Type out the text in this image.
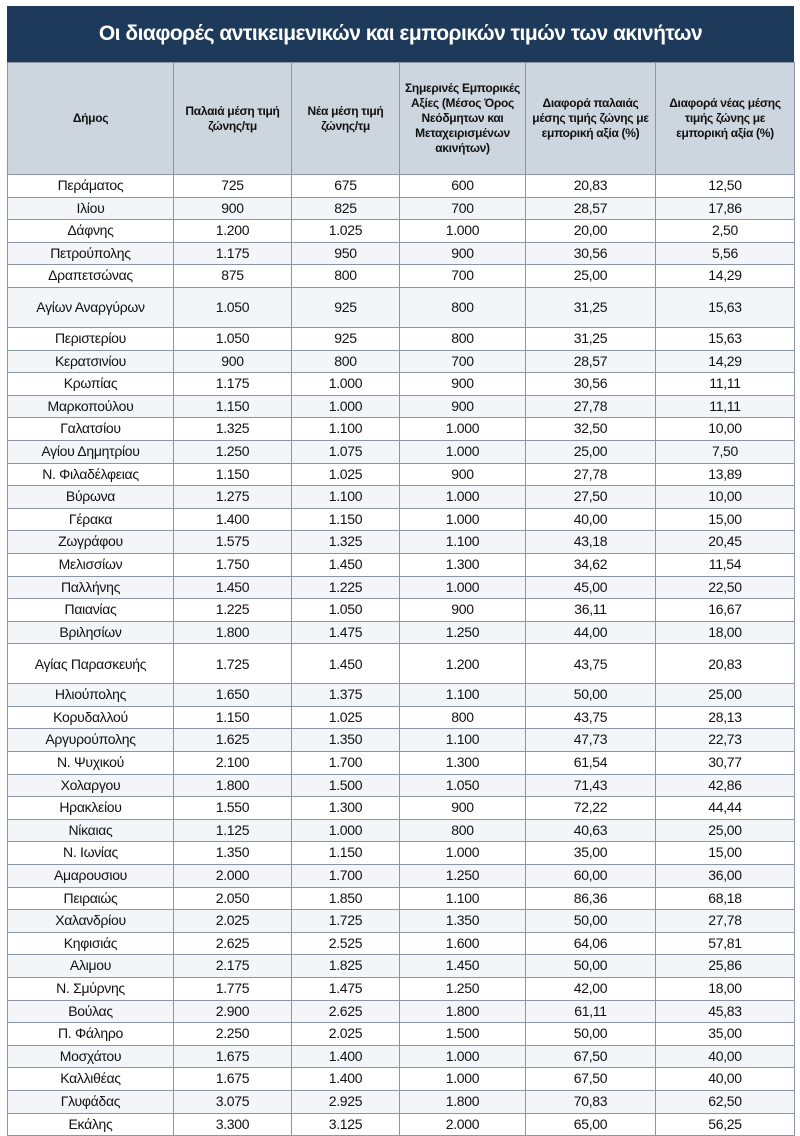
Οι διαφορές αντικειμενικών και εμπορικών τιμών των ακινήτων
Δήμος	Παλαιά μέση τιμή ζώνης/τμ	Νέα μέση τιμή ζώνης/τμ	Σημερινές Εμπορικές Αξίες (Μέσος Όρος Νεόδμητων και Μεταχειρισμένων ακινήτων)	Διαφορά παλαιάς μέσης τιμής ζώνης με εμπορική αξία (%)	Διαφορά νέας μέσης τιμής ζώνης με εμπορική αξία (%)
Περάματος	725	675	600	20,83	12,50
Ιλίου	900	825	700	28,57	17,86
Δάφνης	1.200	1.025	1.000	20,00	2,50
Πετρούπολης	1.175	950	900	30,56	5,56
Δραπετσώνας	875	800	700	25,00	14,29
Αγίων Αναργύρων	1.050	925	800	31,25	15,63
Περιστερίου	1.050	925	800	31,25	15,63
Κερατσινίου	900	800	700	28,57	14,29
Κρωπίας	1.175	1.000	900	30,56	11,11
Μαρκοπούλου	1.150	1.000	900	27,78	11,11
Γαλατσίου	1.325	1.100	1.000	32,50	10,00
Αγίου Δημητρίου	1.250	1.075	1.000	25,00	7,50
Ν. Φιλαδέλφειας	1.150	1.025	900	27,78	13,89
Βύρωνα	1.275	1.100	1.000	27,50	10,00
Γέρακα	1.400	1.150	1.000	40,00	15,00
Ζωγράφου	1.575	1.325	1.100	43,18	20,45
Μελισσίων	1.750	1.450	1.300	34,62	11,54
Παλλήνης	1.450	1.225	1.000	45,00	22,50
Παιανίας	1.225	1.050	900	36,11	16,67
Βριλησίων	1.800	1.475	1.250	44,00	18,00
Αγίας Παρασκευής	1.725	1.450	1.200	43,75	20,83
Ηλιούπολης	1.650	1.375	1.100	50,00	25,00
Κορυδαλλού	1.150	1.025	800	43,75	28,13
Αργυρούπολης	1.625	1.350	1.100	47,73	22,73
Ν. Ψυχικού	2.100	1.700	1.300	61,54	30,77
Χολαργου	1.800	1.500	1.050	71,43	42,86
Ηρακλείου	1.550	1.300	900	72,22	44,44
Νίκαιας	1.125	1.000	800	40,63	25,00
Ν. Ιωνίας	1.350	1.150	1.000	35,00	15,00
Αμαρουσιου	2.000	1.700	1.250	60,00	36,00
Πειραιώς	2.050	1.850	1.100	86,36	68,18
Χαλανδρίου	2.025	1.725	1.350	50,00	27,78
Κηφισιάς	2.625	2.525	1.600	64,06	57,81
Αλιμου	2.175	1.825	1.450	50,00	25,86
Ν. Σμύρνης	1.775	1.475	1.250	42,00	18,00
Βούλας	2.900	2.625	1.800	61,11	45,83
Π. Φάληρο	2.250	2.025	1.500	50,00	35,00
Μοσχάτου	1.675	1.400	1.000	67,50	40,00
Καλλιθέας	1.675	1.400	1.000	67,50	40,00
Γλυφάδας	3.075	2.925	1.800	70,83	62,50
Εκάλης	3.300	3.125	2.000	65,00	56,25
